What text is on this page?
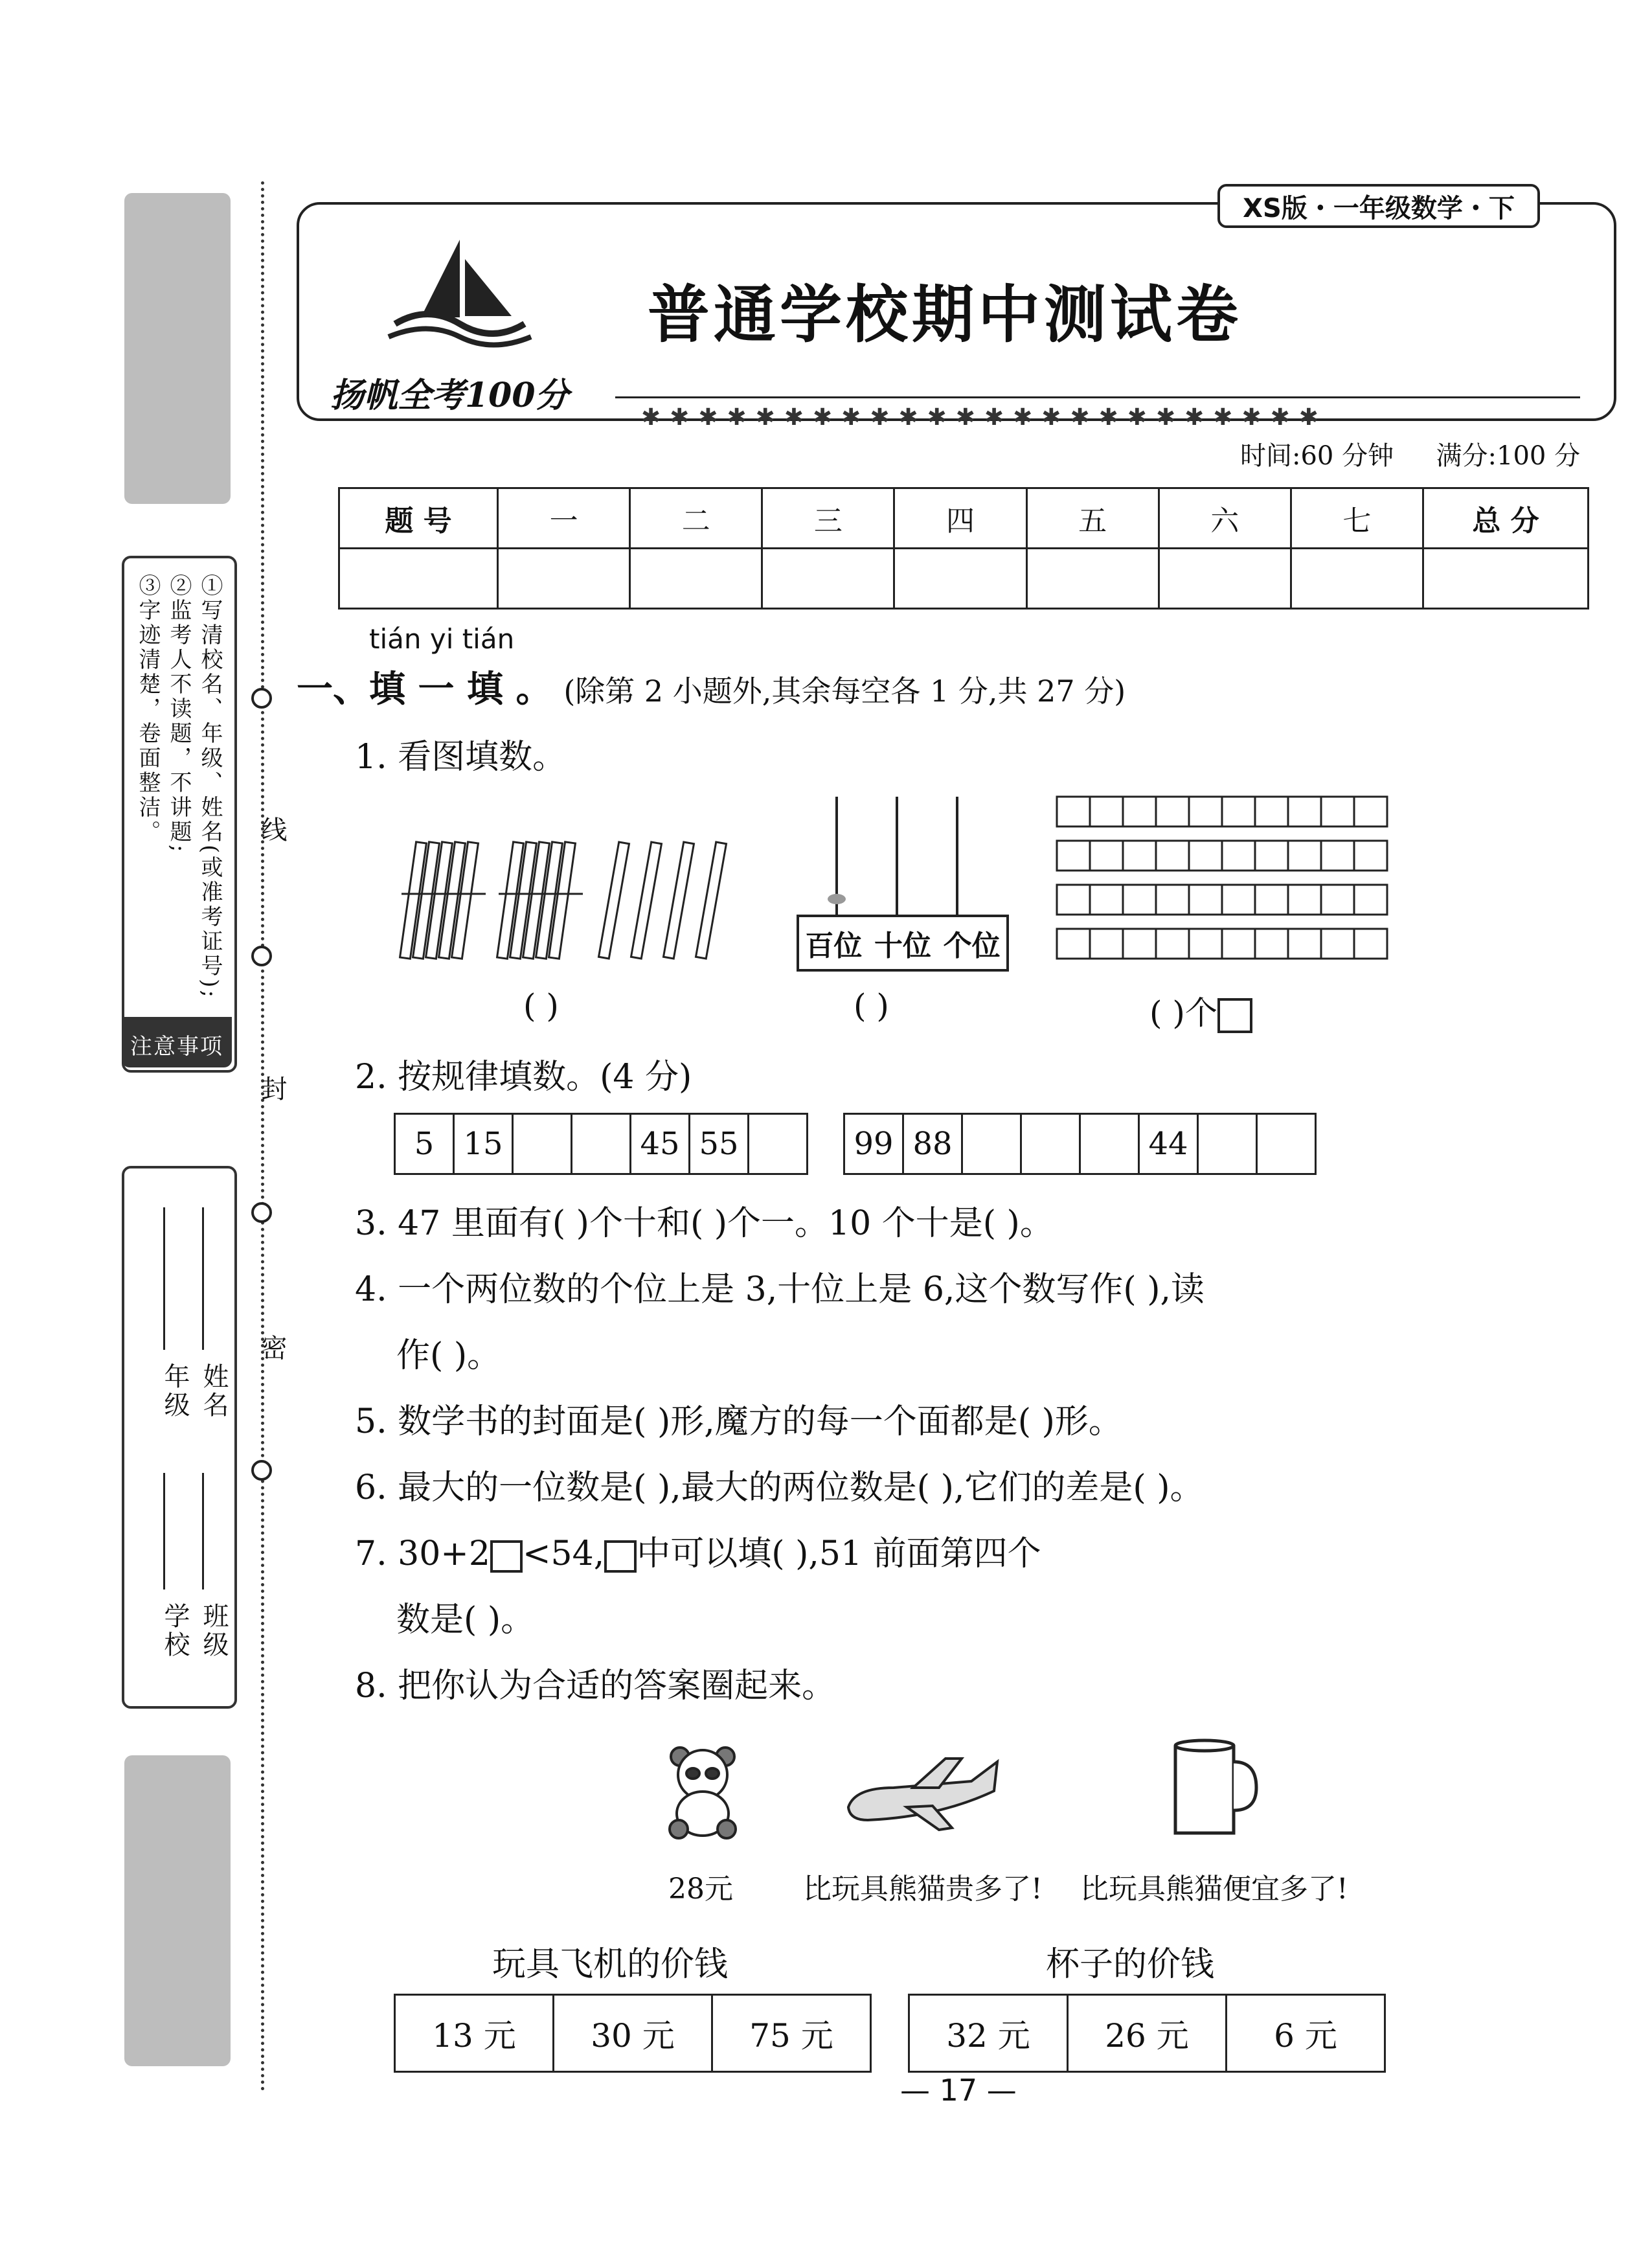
线
封
密
①写清校名、年级、姓名(或准考证号);
②监考人不读题，不讲题;
③字迹清楚，卷面整洁。
注意事项
学校
年级
班级
姓名
XS版・一年级数学・下
扬帆全考100分
✱✱✱✱✱✱✱✱✱✱✱✱✱✱✱✱✱✱✱✱✱✱✱✱
普通学校期中测试卷
时间:60 分钟 满分:100 分
题 号	一	二	三	四	五	六	七	总 分

tián yi tián
一、填 一 填 。 (除第 2 小题外,其余每空各 1 分,共 27 分)
1. 看图填数。
( )
百位 十位 个位
( )	( )个
2. 按规律填数。(4 分)
5	15			45	55		99	88				44		
3. 47 里面有( )个十和( )个一。10 个十是( )。
4. 一个两位数的个位上是 3,十位上是 6,这个数写作( ),读
作( )。
5. 数学书的封面是( )形,魔方的每一个面都是( )形。
6. 最大的一位数是( ),最大的两位数是( ),它们的差是( )。
7. 30+2 <54, 中可以填( ),51 前面第四个
数是( )。
8. 把你认为合适的答案圈起来。
28元 比玩具熊猫贵多了! 比玩具熊猫便宜多了!
玩具飞机的价钱	杯子的价钱
13 元	30 元	75 元	32 元	26 元	6 元
— 17 —
